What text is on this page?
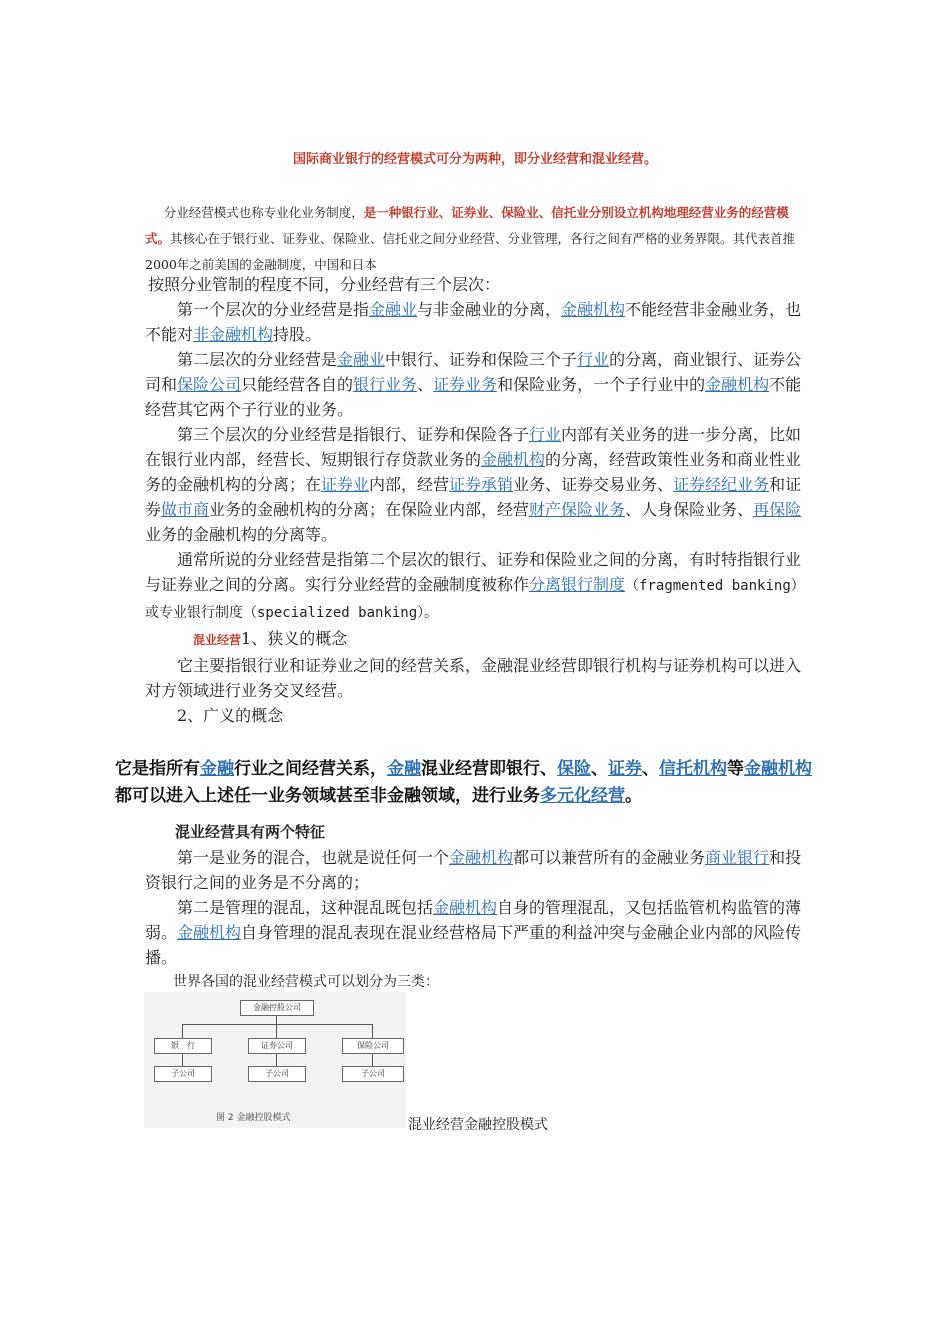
国际商业银行的经营模式可分为两种，即分业经营和混业经营。
分业经营模式也称专业化业务制度，是一种银行业、证券业、保险业、信托业分别设立机构地理经营业务的经营模式。其核心在于银行业、证券业、保险业、信托业之间分业经营、分业管理，各行之间有严格的业务界限。其代表首推2000年之前美国的金融制度，中国和日本
按照分业管制的程度不同，分业经营有三个层次：
第一个层次的分业经营是指金融业与非金融业的分离，金融机构不能经营非金融业务，也不能对非金融机构持股。
第二层次的分业经营是金融业中银行、证券和保险三个子行业的分离，商业银行、证券公司和保险公司只能经营各自的银行业务、证券业务和保险业务，一个子行业中的金融机构不能经营其它两个子行业的业务。
第三个层次的分业经营是指银行、证券和保险各子行业内部有关业务的进一步分离，比如在银行业内部，经营长、短期银行存贷款业务的金融机构的分离，经营政策性业务和商业性业务的金融机构的分离；在证券业内部，经营证券承销业务、证券交易业务、证券经纪业务和证券做市商业务的金融机构的分离；在保险业内部，经营财产保险业务、人身保险业务、再保险业务的金融机构的分离等。
通常所说的分业经营是指第二个层次的银行、证券和保险业之间的分离，有时特指银行业与证券业之间的分离。实行分业经营的金融制度被称作分离银行制度（fragmented banking）或专业银行制度（specialized banking）。
混业经营1、狭义的概念
它主要指银行业和证券业之间的经营关系，金融混业经营即银行机构与证券机构可以进入对方领域进行业务交叉经营。
2、广义的概念
它是指所有金融行业之间经营关系，金融混业经营即银行、保险、证券、信托机构等金融机构都可以进入上述任一业务领域甚至非金融领域，进行业务多元化经营。
混业经营具有两个特征
第一是业务的混合，也就是说任何一个金融机构都可以兼营所有的金融业务商业银行和投资银行之间的业务是不分离的；
第二是管理的混乱，这种混乱既包括金融机构自身的管理混乱，又包括监管机构监管的薄弱。金融机构自身管理的混乱表现在混业经营格局下严重的利益冲突与金融企业内部的风险传播。
世界各国的混业经营模式可以划分为三类：
金融控股公司
银　行	证券公司	保险公司
子公司	子公司	子公司
图 2 金融控股模式	混业经营金融控股模式
